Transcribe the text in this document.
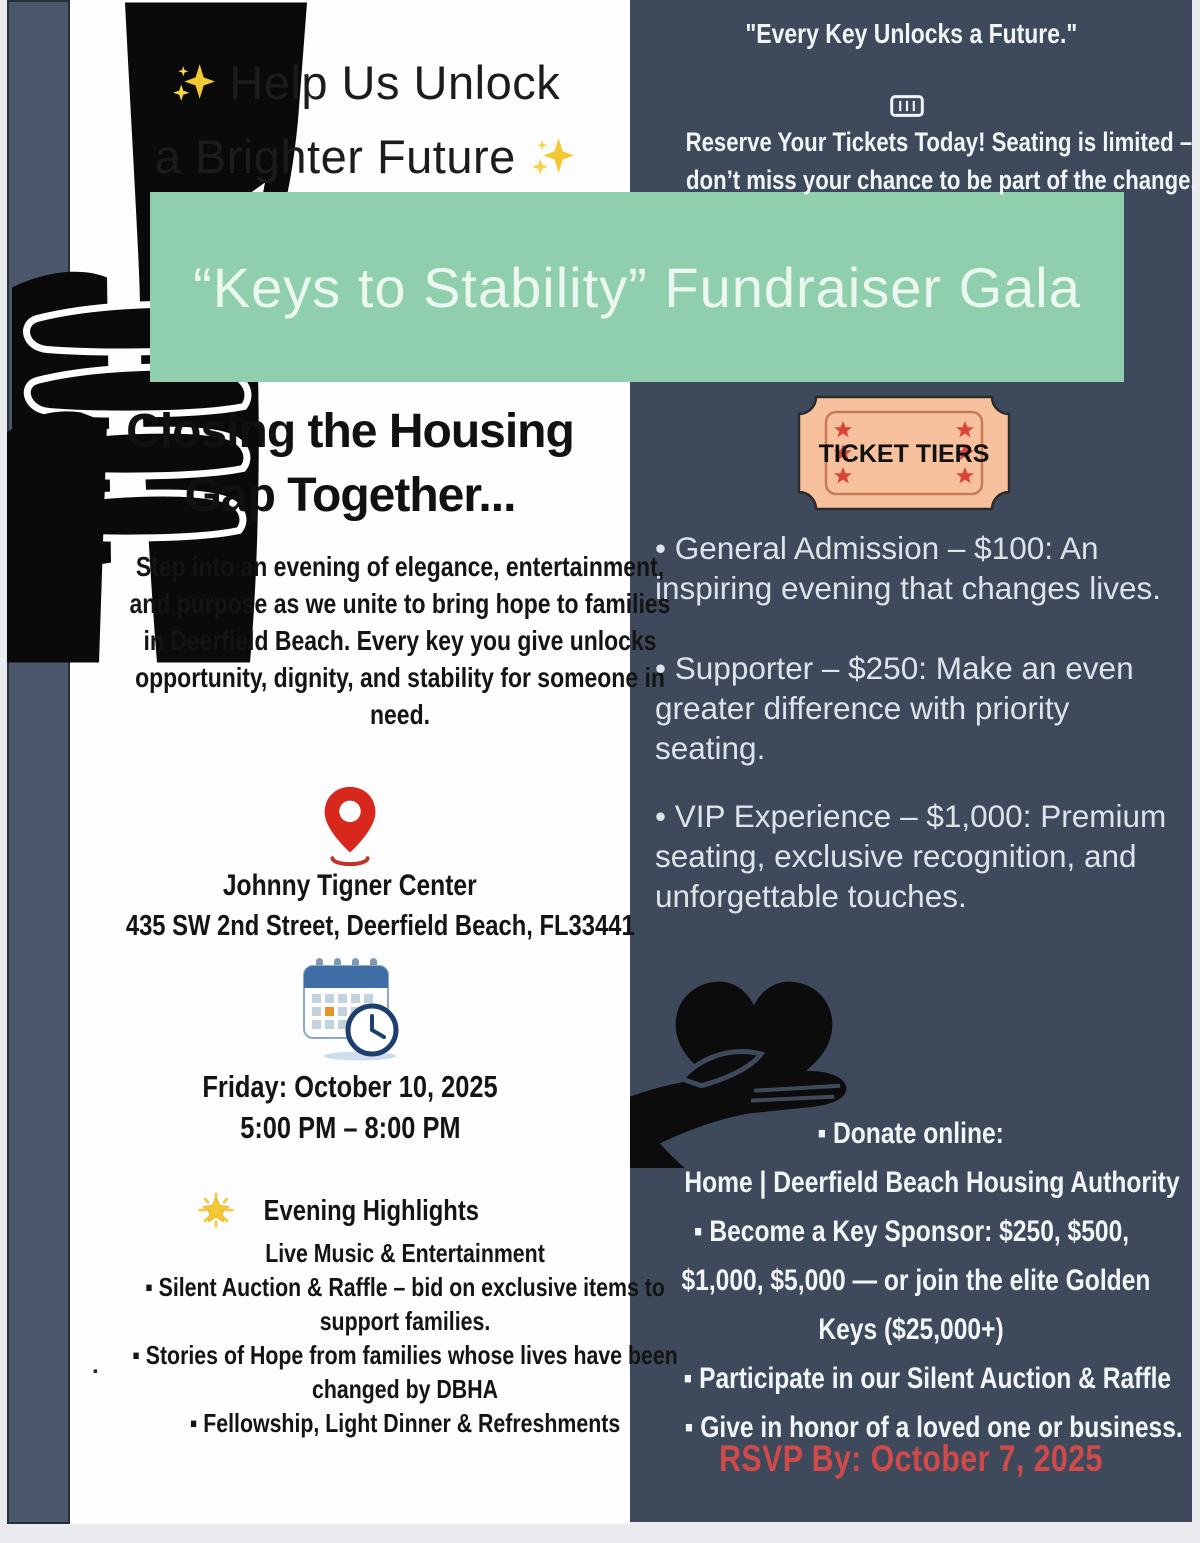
Help Us Unlock
a Brighter Future
“Keys to Stability” Fundraiser Gala
Closing the Housing
Gap Together...
Step into an evening of elegance, entertainment, and purpose as we unite to bring hope to families in Deerfield Beach. Every key you give unlocks opportunity, dignity, and stability for someone in need.
Johnny Tigner Center
435 SW 2nd Street, Deerfield Beach, FL33441
Friday: October 10, 2025
5:00 PM – 8:00 PM
Evening Highlights
Live Music & Entertainment ▪ Silent Auction & Raffle – bid on exclusive items to support families. ▪ Stories of Hope from families whose lives have been changed by DBHA ▪ Fellowship, Light Dinner & Refreshments
.
"Every Key Unlocks a Future."
Reserve Your Tickets Today! Seating is limited –
don’t miss your chance to be part of the change.
TICKET TIERS
• General Admission – $100: An inspiring evening that changes lives.
• Supporter – $250: Make an even greater difference with priority seating.
• VIP Experience – $1,000: Premium seating, exclusive recognition, and unforgettable touches.
▪ Donate online:
Home | Deerfield Beach Housing Authority
▪ Become a Key Sponsor: $250, $500,
$1,000, $5,000 — or join the elite Golden
Keys ($25,000+)
▪ Participate in our Silent Auction & Raffle
▪ Give in honor of a loved one or business.
RSVP By: October 7, 2025
